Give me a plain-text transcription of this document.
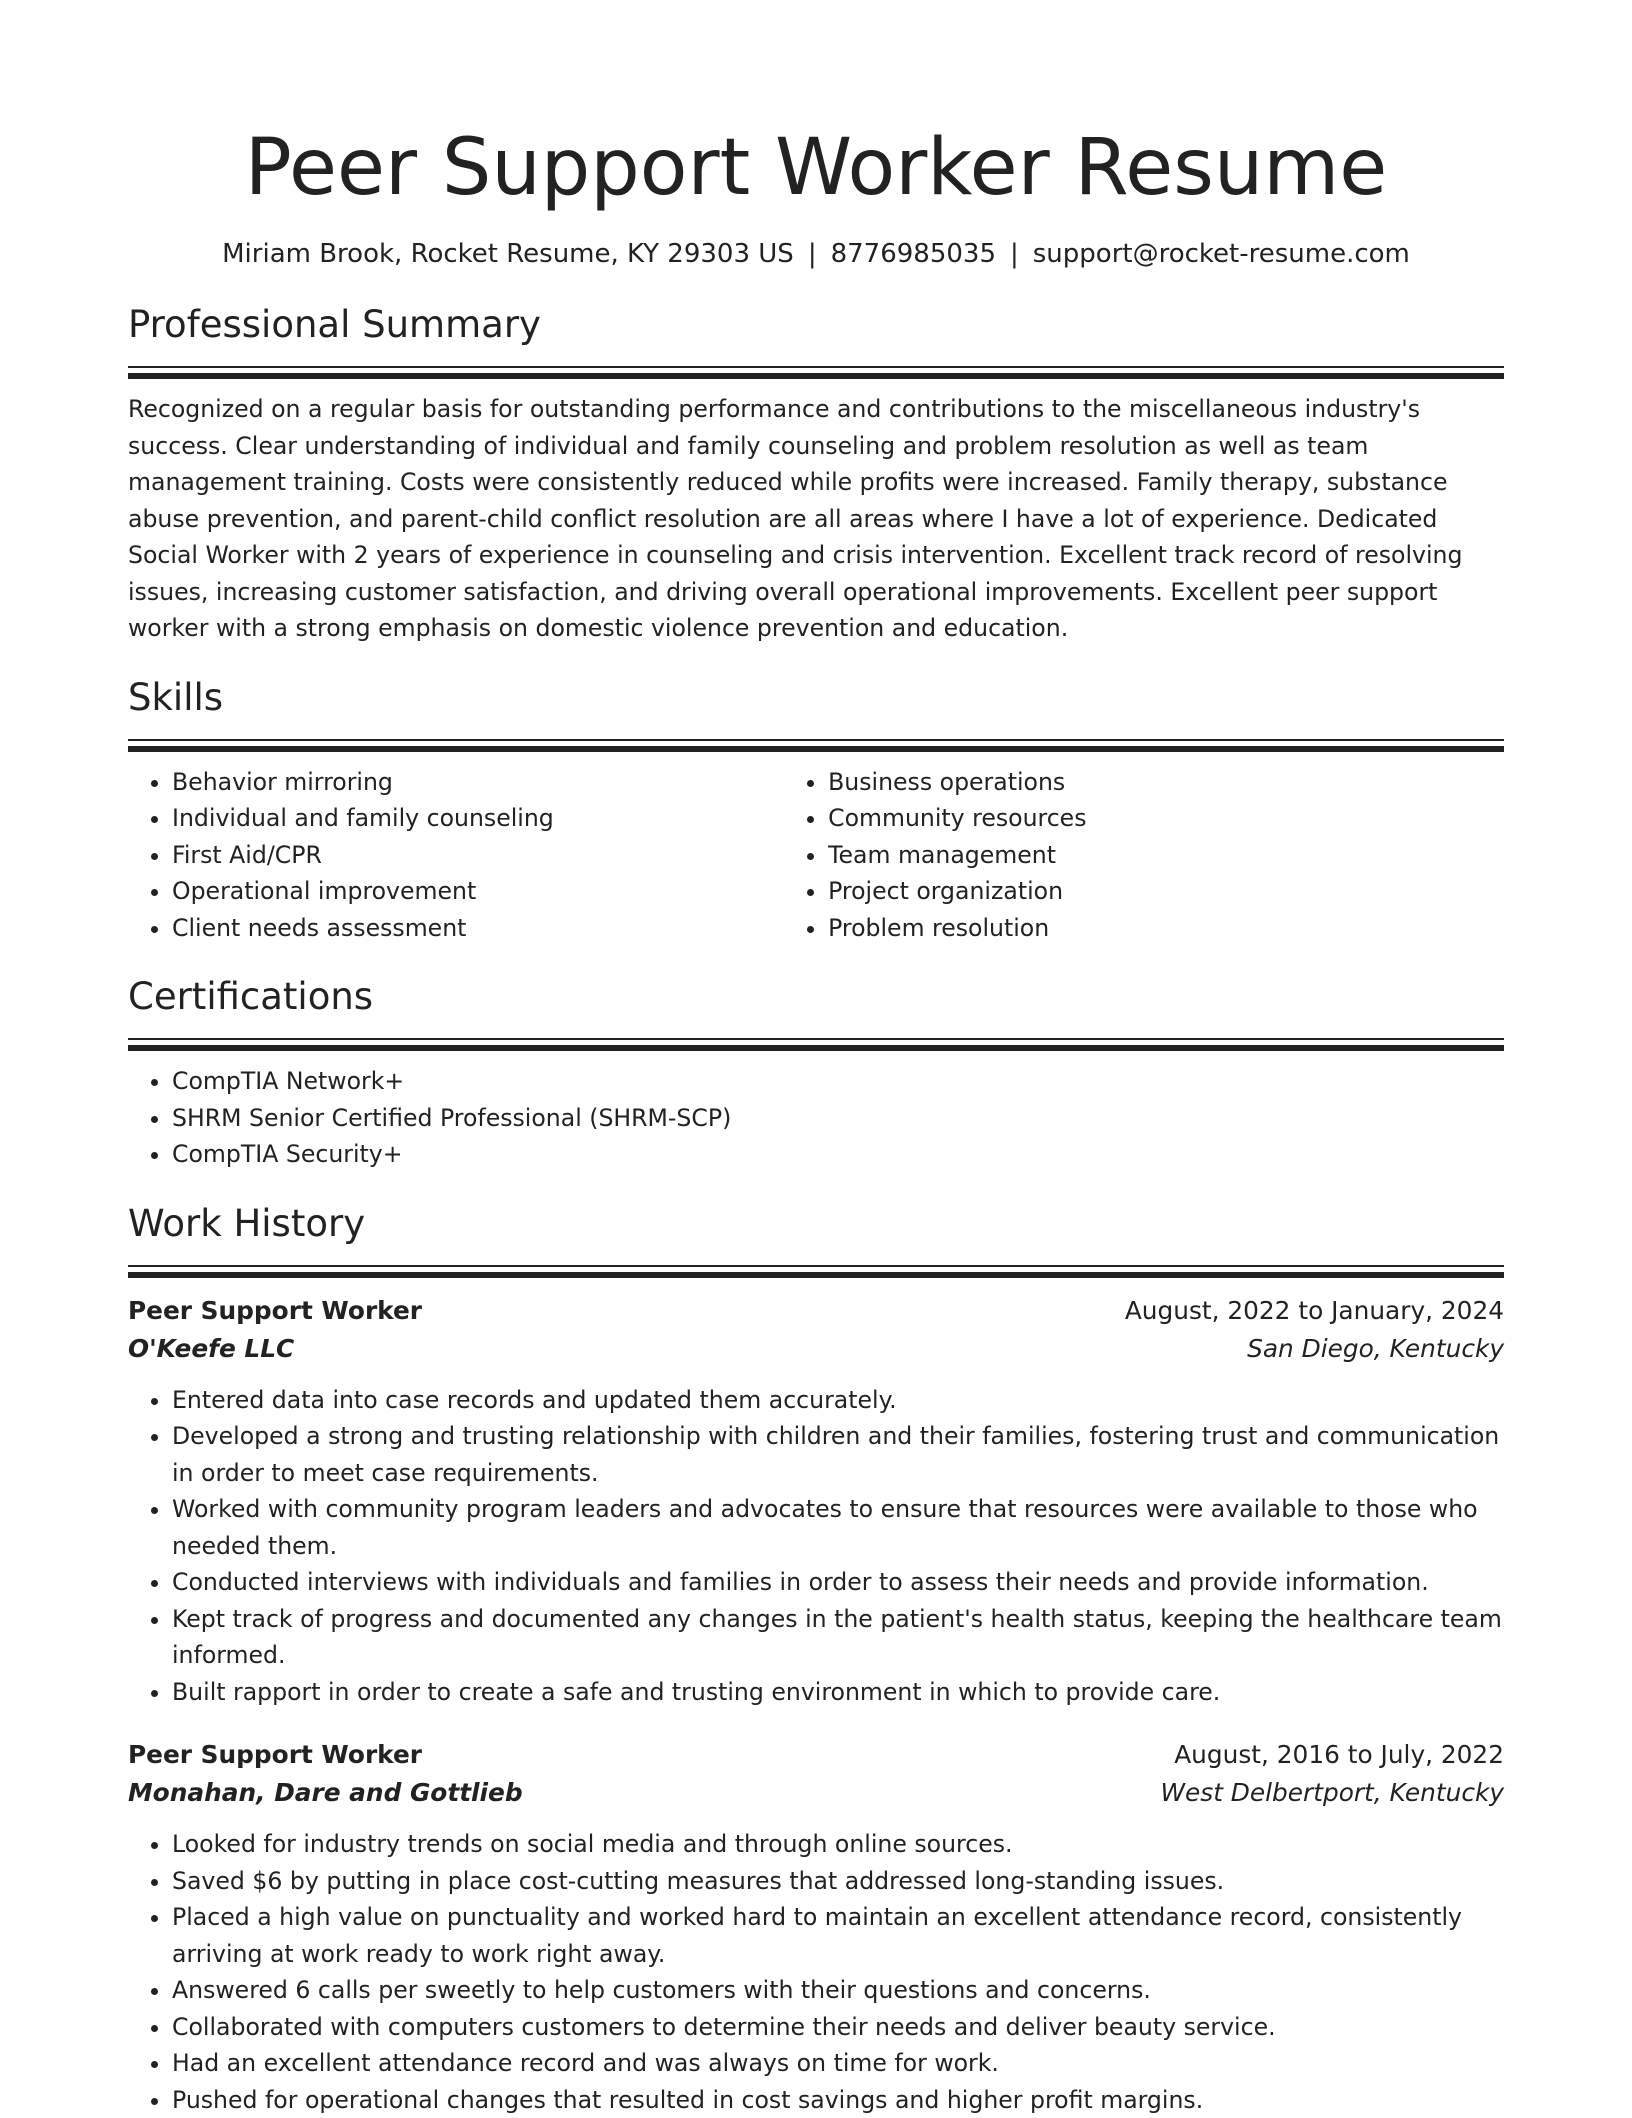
Peer Support Worker Resume
Miriam Brook, Rocket Resume, KY 29303 US | 8776985035 | support@rocket-resume.com
Professional Summary
Recognized on a regular basis for outstanding performance and contributions to the miscellaneous industry's success. Clear understanding of individual and family counseling and problem resolution as well as team management training. Costs were consistently reduced while profits were increased. Family therapy, substance abuse prevention, and parent-child conflict resolution are all areas where I have a lot of experience. Dedicated Social Worker with 2 years of experience in counseling and crisis intervention. Excellent track record of resolving issues, increasing customer satisfaction, and driving overall operational improvements. Excellent peer support worker with a strong emphasis on domestic violence prevention and education.
Skills
• Behavior mirroring
• Individual and family counseling
• First Aid/CPR
• Operational improvement
• Client needs assessment
• Business operations
• Community resources
• Team management
• Project organization
• Problem resolution
Certifications
• CompTIA Network+
• SHRM Senior Certified Professional (SHRM-SCP)
• CompTIA Security+
Work History
Peer Support Worker	August, 2022 to January, 2024
O'Keefe LLC	San Diego, Kentucky
• Entered data into case records and updated them accurately.
• Developed a strong and trusting relationship with children and their families, fostering trust and communication in order to meet case requirements.
• Worked with community program leaders and advocates to ensure that resources were available to those who needed them.
• Conducted interviews with individuals and families in order to assess their needs and provide information.
• Kept track of progress and documented any changes in the patient's health status, keeping the healthcare team informed.
• Built rapport in order to create a safe and trusting environment in which to provide care.
Peer Support Worker	August, 2016 to July, 2022
Monahan, Dare and Gottlieb	West Delbertport, Kentucky
• Looked for industry trends on social media and through online sources.
• Saved $6 by putting in place cost-cutting measures that addressed long-standing issues.
• Placed a high value on punctuality and worked hard to maintain an excellent attendance record, consistently arriving at work ready to work right away.
• Answered 6 calls per sweetly to help customers with their questions and concerns.
• Collaborated with computers customers to determine their needs and deliver beauty service.
• Had an excellent attendance record and was always on time for work.
• Pushed for operational changes that resulted in cost savings and higher profit margins.
